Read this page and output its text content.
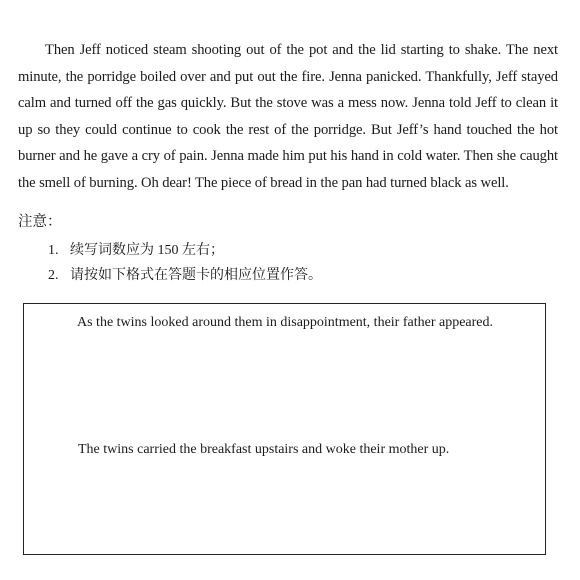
Then Jeff noticed steam shooting out of the pot and the lid starting to shake. The next minute, the porridge boiled over and put out the fire. Jenna panicked. Thankfully, Jeff stayed calm and turned off the gas quickly. But the stove was a mess now. Jenna told Jeff to clean it up so they could continue to cook the rest of the porridge. But Jeff’s hand touched the hot burner and he gave a cry of pain. Jenna made him put his hand in cold water. Then she caught the smell of burning. Oh dear! The piece of bread in the pan had turned black as well.

注意：
1. 续写词数应为 150 左右；
2. 请按如下格式在答题卡的相应位置作答。

As the twins looked around them in disappointment, their father appeared.

The twins carried the breakfast upstairs and woke their mother up.
